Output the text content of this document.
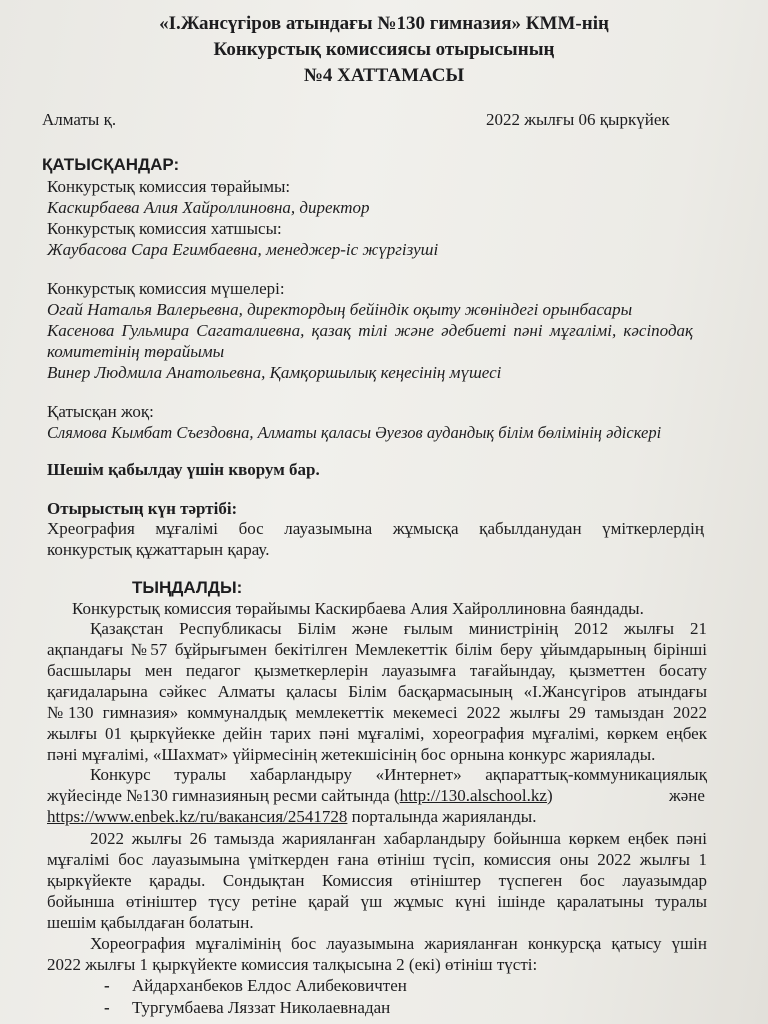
«І.Жансүгіров атындағы №130 гимназия» КММ-нің
Конкурстық комиссиясы отырысының
№4 ХАТТАМАСЫ
Алматы қ.	2022 жылғы 06 қыркүйек
ҚАТЫСҚАНДАР:
Конкурстық комиссия төрайымы:
Каскирбаева Алия Хайроллиновна, директор
Конкурстық комиссия хатшысы:
Жаубасова Сара Егимбаевна, менеджер-іс жүргізуші
Конкурстық комиссия мүшелері:
Огай Наталья Валерьевна, директордың бейіндік оқыту жөніндегі орынбасары
Касенова Гульмира Сагаталиевна, қазақ тілі және әдебиеті пәні мұғалімі, кәсіподақ
комитетінің төрайымы
Винер Людмила Анатольевна, Қамқоршылық кеңесінің мүшесі
Қатысқан жоқ:
Слямова Кымбат Съездовна, Алматы қаласы Әуезов аудандық білім бөлімінің әдіскері
Шешім қабылдау үшін кворум бар.
Отырыстың күн тәртібі:
Хреография мұғалімі бос лауазымына жұмысқа қабылданудан үміткерлердің
конкурстық құжаттарын қарау.
ТЫҢДАЛДЫ:
Конкурстық комиссия төрайымы Каскирбаева Алия Хайроллиновна баяндады.
Қазақстан Республикасы Білім және ғылым министрінің 2012 жылғы 21
ақпандағы №57 бұйрығымен бекітілген Мемлекеттік білім беру ұйымдарының бірінші
басшылары мен педагог қызметкерлерін лауазымға тағайындау, қызметтен босату
қағидаларына сәйкес Алматы қаласы Білім басқармасының «І.Жансүгіров атындағы
№130 гимназия» коммуналдық мемлекеттік мекемесі 2022 жылғы 29 тамыздан 2022
жылғы 01 қыркүйекке дейін тарих пәні мұғалімі, хореография мұғалімі, көркем еңбек
пәні мұғалімі, «Шахмат» үйірмесінің жетекшісінің бос орнына конкурс жариялады.
Конкурс туралы хабарландыру «Интернет» ақпараттық-коммуникациялық
жүйесінде №130 гимназияның ресми сайтында (http://130.alschool.kz)	және
https://www.enbek.kz/ru/вакансия/2541728 порталында жарияланды.
2022 жылғы 26 тамызда жарияланған хабарландыру бойынша көркем еңбек пәні
мұғалімі бос лауазымына үміткерден ғана өтініш түсіп, комиссия оны 2022 жылғы 1
қыркүйекте қарады. Сондықтан Комиссия өтініштер түспеген бос лауазымдар
бойынша өтініштер түсу ретіне қарай үш жұмыс күні ішінде қаралатыны туралы
шешім қабылдаған болатын.
Хореография мұғалімінің бос лауазымына жарияланған конкурсқа қатысу үшін
2022 жылғы 1 қыркүйекте комиссия талқысына 2 (екі) өтініш түсті:
- Айдарханбеков Елдос Алибековичтен
- Тургумбаева Ляззат Николаевнадан
